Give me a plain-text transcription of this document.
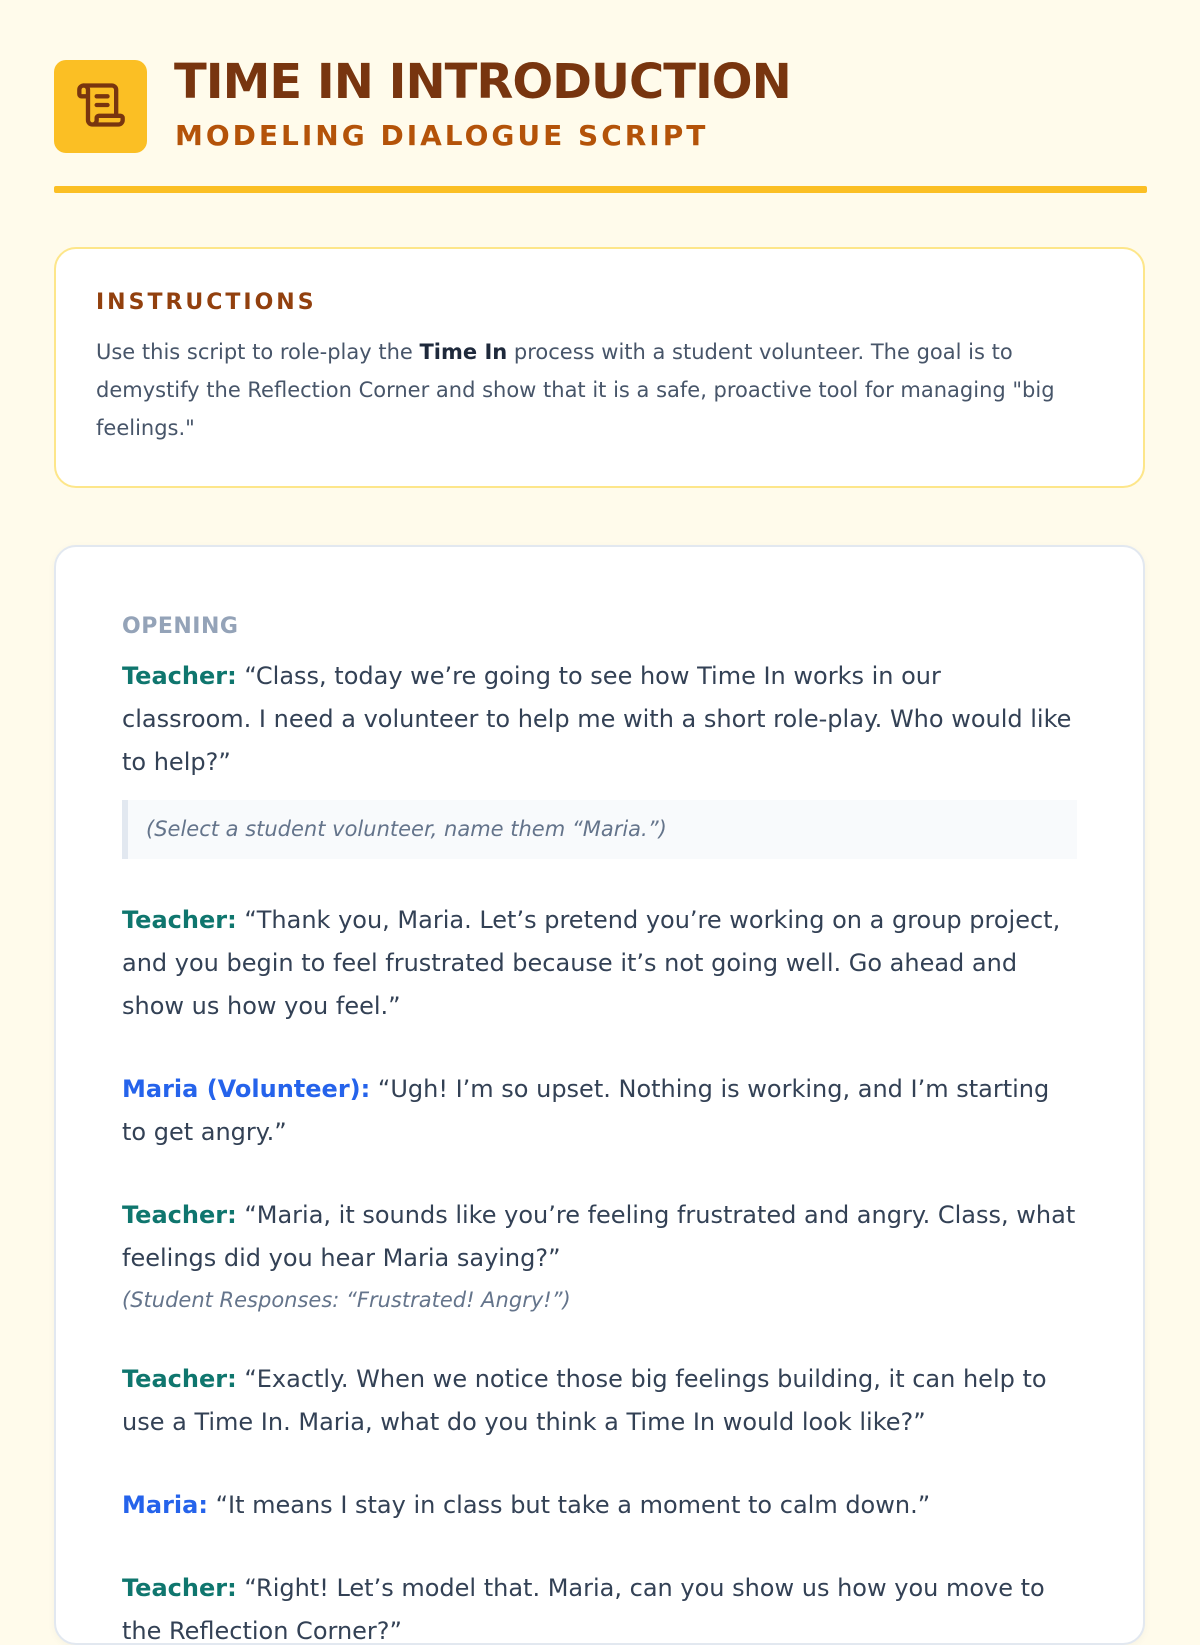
TIME IN INTRODUCTION
MODELING DIALOGUE SCRIPT
INSTRUCTIONS

Use this script to role-play the Time In process with a student volunteer. The goal is to demystify the Reflection Corner and show that it is a safe, proactive tool for managing "big feelings."

OPENING

Teacher: “Class, today we’re going to see how Time In works in our classroom. I need a volunteer to help me with a short role-play. Who would like to help?”

(Select a student volunteer, name them “Maria.”)

Teacher: “Thank you, Maria. Let’s pretend you’re working on a group project, and you begin to feel frustrated because it’s not going well. Go ahead and show us how you feel.”

Maria (Volunteer): “Ugh! I’m so upset. Nothing is working, and I’m starting to get angry.”

Teacher: “Maria, it sounds like you’re feeling frustrated and angry. Class, what feelings did you hear Maria saying?”

(Student Responses: “Frustrated! Angry!”)

Teacher: “Exactly. When we notice those big feelings building, it can help to use a Time In. Maria, what do you think a Time In would look like?”

Maria: “It means I stay in class but take a moment to calm down.”

Teacher: “Right! Let’s model that. Maria, can you show us how you move to the Reflection Corner?”
